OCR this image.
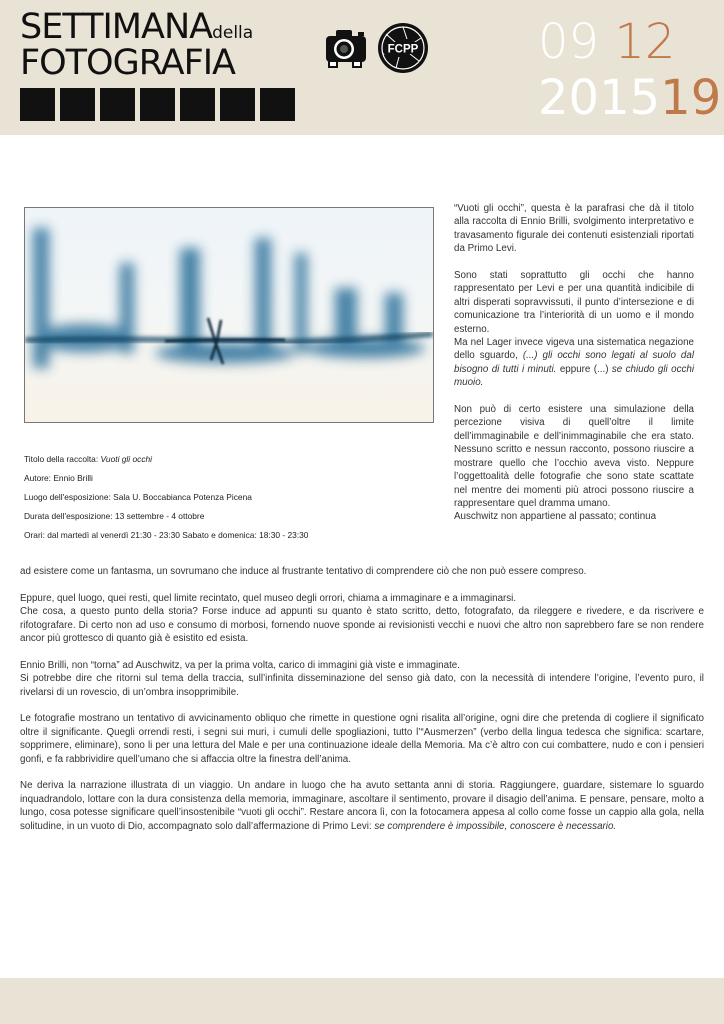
SETTIMANAdella
FOTOGRAFIA	FCPP 09 12
201519
Titolo della raccolta: Vuoti gli occhi
Autore: Ennio Brilli
Luogo dell'esposizione: Sala U. Boccabianca Potenza Picena
Durata dell'esposizione: 13 settembre - 4 ottobre
Orari: dal martedì al venerdì 21:30 - 23:30 Sabato e domenica: 18:30 - 23:30

“Vuoti gli occhi”, questa è la parafrasi che dà il titolo alla raccolta di Ennio Brilli, svolgimento interpretativo e travasamento figurale dei contenuti esistenziali riportati da Primo Levi.

Sono stati soprattutto gli occhi che hanno rappresentato per Levi e per una quantità indicibile di altri disperati sopravvissuti, il punto d’intersezione e di comunicazione tra l’interiorità di un uomo e il mondo esterno.

Ma nel Lager invece vigeva una sistematica negazione dello sguardo, (...) gli occhi sono legati al suolo dal bisogno di tutti i minuti. eppure (...) se chiudo gli occhi muoio.

Non può di certo esistere una simulazione della percezione visiva di quell’oltre il limite dell’immaginabile e dell’inimmaginabile che era stato. Nessuno scritto e nessun racconto, possono riuscire a mostrare quello che l’occhio aveva visto. Neppure l’oggettoalità delle fotografie che sono state scattate nel mentre dei momenti più atroci possono riuscire a rappresentare quel dramma umano.

Auschwitz non appartiene al passato; continua

ad esistere come un fantasma, un sovrumano che induce al frustrante tentativo di comprendere ciò che non può essere compreso.

Eppure, quel luogo, quei resti, quel limite recintato, quel museo degli orrori, chiama a immaginare e a immaginarsi.

Che cosa, a questo punto della storia? Forse induce ad appunti su quanto è stato scritto, detto, fotografato, da rileggere e rivedere, e da riscrivere e rifotografare. Di certo non ad uso e consumo di morbosi, fornendo nuove sponde ai revisionisti vecchi e nuovi che altro non saprebbero fare se non rendere ancor più grottesco di quanto già è esistito ed esista.

Ennio Brilli, non “torna” ad Auschwitz, va per la prima volta, carico di immagini già viste e immaginate.

Si potrebbe dire che ritorni sul tema della traccia, sull’infinita disseminazione del senso già dato, con la necessità di intendere l’origine, l’evento puro, il rivelarsi di un rovescio, di un’ombra insopprimibile.

Le fotografie mostrano un tentativo di avvicinamento obliquo che rimette in questione ogni risalita all’origine, ogni dire che pretenda di cogliere il significato oltre il significante. Quegli orrendi resti, i segni sui muri, i cumuli delle spogliazioni, tutto l’“Ausmerzen” (verbo della lingua tedesca che significa: scartare, sopprimere, eliminare), sono li per una lettura del Male e per una continuazione ideale della Memoria. Ma c’è altro con cui combattere, nudo e con i pensieri gonfi, e fa rabbrividire quell’umano che si affaccia oltre la finestra dell’anima.

Ne deriva la narrazione illustrata di un viaggio. Un andare in luogo che ha avuto settanta anni di storia. Raggiungere, guardare, sistemare lo sguardo inquadrandolo, lottare con la dura consistenza della memoria, immaginare, ascoltare il sentimento, provare il disagio dell’anima. E pensare, pensare, molto a lungo, cosa potesse significare quell’insostenibile “vuoti gli occhi”. Restare ancora lì, con la fotocamera appesa al collo come fosse un cappio alla gola, nella solitudine, in un vuoto di Dio, accompagnato solo dall’affermazione di Primo Levi: se comprendere è impossibile, conoscere è necessario.
